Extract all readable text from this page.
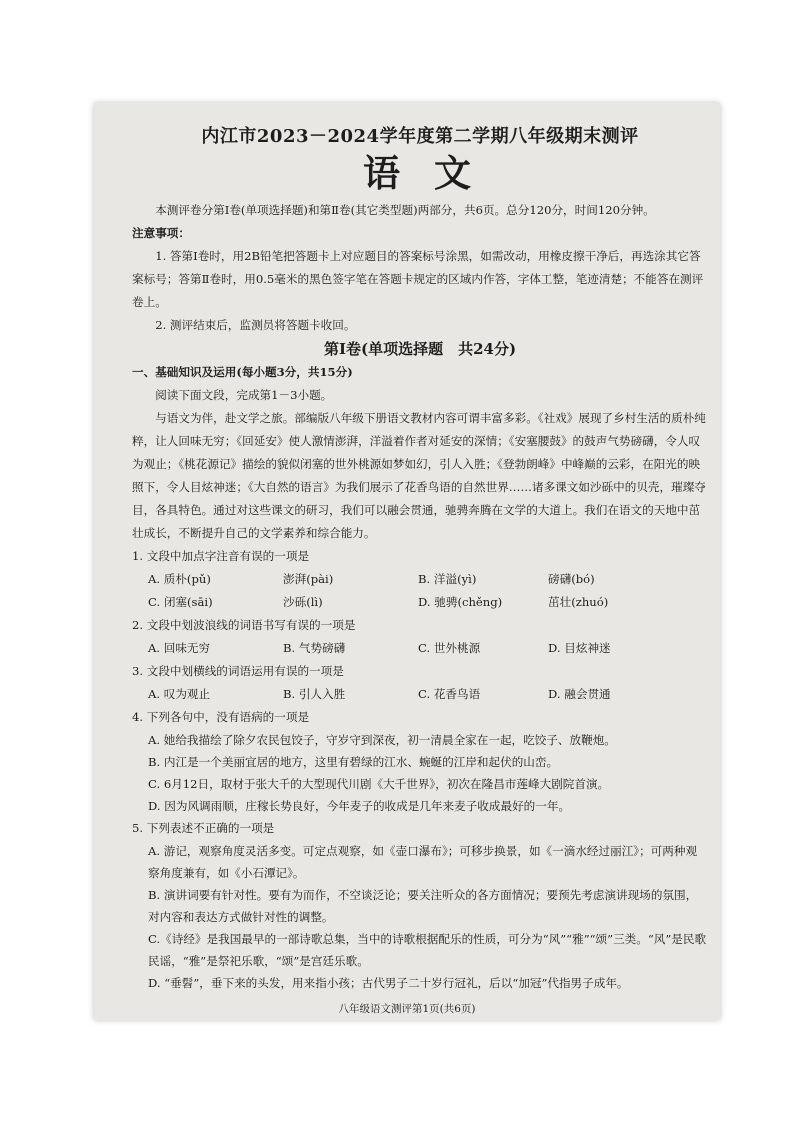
内江市2023－2024学年度第二学期八年级期末测评
语文

本测评卷分第Ⅰ卷(单项选择题)和第Ⅱ卷(其它类型题)两部分，共6页。总分120分，时间120分钟。

注意事项：

1. 答第Ⅰ卷时，用2B铅笔把答题卡上对应题目的答案标号涂黑，如需改动，用橡皮擦干净后，再选涂其它答案标号；答第Ⅱ卷时，用0.5毫米的黑色签字笔在答题卡规定的区域内作答，字体工整，笔迹清楚；不能答在测评卷上。

2. 测评结束后，监测员将答题卡收回。

第Ⅰ卷(单项选择题　共24分)

一、基础知识及运用(每小题3分，共15分)

阅读下面文段，完成第1－3小题。

与语文为伴，赴文学之旅。部编版八年级下册语文教材内容可谓丰富多彩。《社戏》展现了乡村生活的质朴纯粹，让人回味无穷；《回延安》使人激情澎湃，洋溢着作者对延安的深情；《安塞腰鼓》的鼓声气势磅礴，令人叹为观止；《桃花源记》描绘的貌似闭塞的世外桃源如梦如幻，引人入胜；《登勃朗峰》中峰巅的云彩，在阳光的映照下，令人目炫神迷；《大自然的语言》为我们展示了花香鸟语的自然世界……诸多课文如沙砾中的贝壳，璀璨夺目，各具特色。通过对这些课文的研习，我们可以融会贯通，驰骋奔腾在文学的大道上。我们在语文的天地中茁壮成长，不断提升自己的文学素养和综合能力。

1. 文段中加点字注音有误的一项是
A. 质朴(pǔ)	澎湃(pài)	B. 洋溢(yì)	磅礴(bó)
C. 闭塞(sāi)	沙砾(lì)	D. 驰骋(chěng)	茁壮(zhuó)
2. 文段中划波浪线的词语书写有误的一项是
A. 回味无穷	B. 气势磅礴	C. 世外桃源	D. 目炫神迷
3. 文段中划横线的词语运用有误的一项是
A. 叹为观止	B. 引人入胜	C. 花香鸟语	D. 融会贯通
4. 下列各句中，没有语病的一项是
A. 她给我描绘了除夕农民包饺子，守岁守到深夜，初一清晨全家在一起，吃饺子、放鞭炮。
B. 内江是一个美丽宜居的地方，这里有碧绿的江水、蜿蜒的江岸和起伏的山峦。
C. 6月12日，取材于张大千的大型现代川剧《大千世界》，初次在隆昌市莲峰大剧院首演。
D. 因为风调雨顺，庄稼长势良好，今年麦子的收成是几年来麦子收成最好的一年。
5. 下列表述不正确的一项是
A. 游记，观察角度灵活多变。可定点观察，如《壶口瀑布》；可移步换景，如《一滴水经过丽江》；可两种观察角度兼有，如《小石潭记》。
B. 演讲词要有针对性。要有为而作，不空谈泛论；要关注听众的各方面情况；要预先考虑演讲现场的氛围，对内容和表达方式做针对性的调整。
C.《诗经》是我国最早的一部诗歌总集，当中的诗歌根据配乐的性质，可分为“风”“雅”“颂”三类。“风”是民歌民谣，“雅”是祭祀乐歌，“颂”是宫廷乐歌。
D. “垂髫”，垂下来的头发，用来指小孩；古代男子二十岁行冠礼，后以“加冠”代指男子成年。
八年级语文测评第1页(共6页)
